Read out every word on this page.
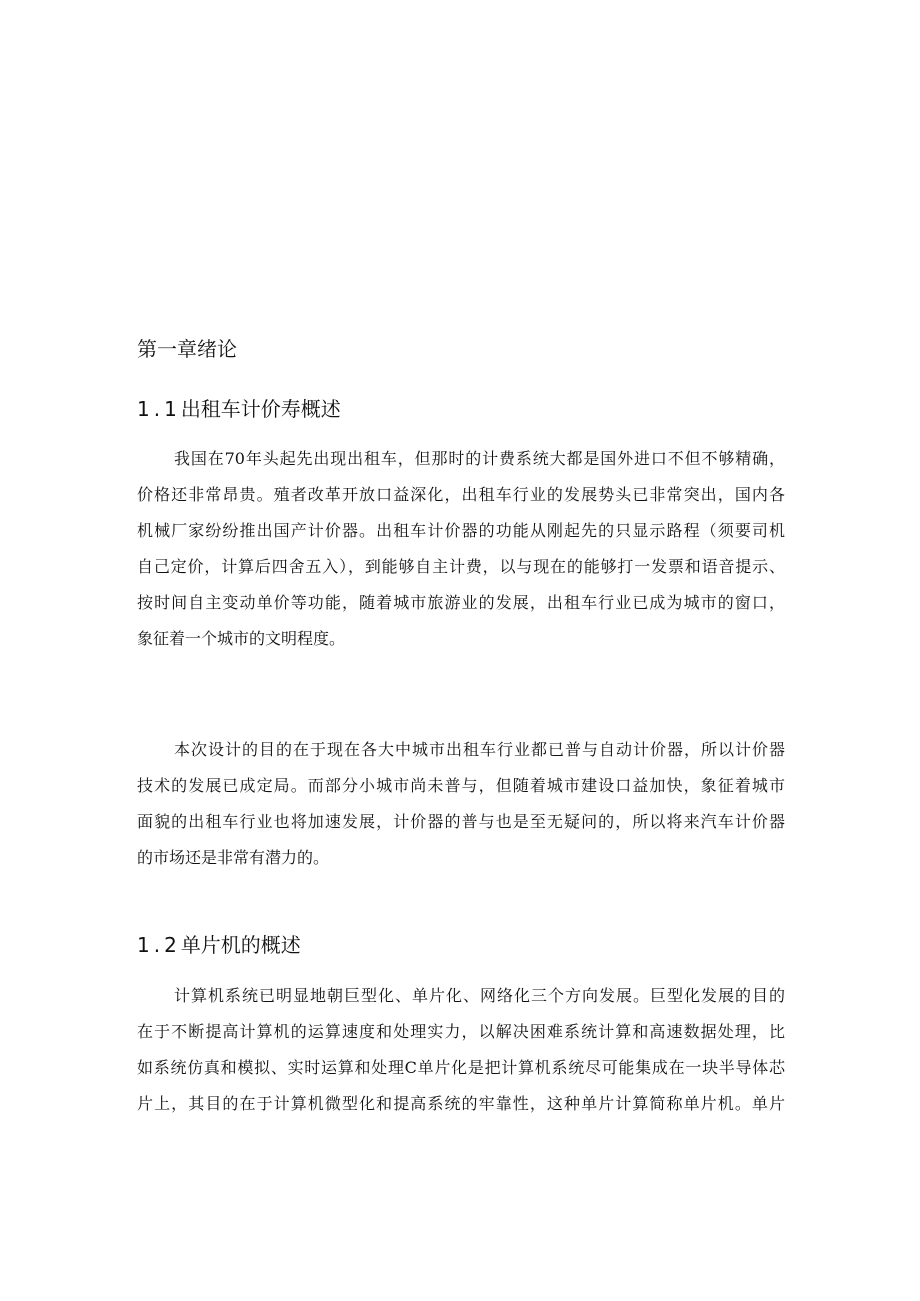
第一章绪论
1.1出租车计价寿概述
我国在70年头起先出现出租车，但那时的计费系统大都是国外进口不但不够精确，
价格还非常昂贵。殖者改革开放口益深化，出租车行业的发展势头已非常突出，国内各
机械厂家纷纷推出国产计价器。出租车计价器的功能从刚起先的只显示路程（须要司机
自己定价，计算后四舍五入），到能够自主计费，以与现在的能够打一发票和语音提示、
按时间自主变动单价等功能，随着城市旅游业的发展，出租车行业已成为城市的窗口，
象征着一个城市的文明程度。
本次设计的目的在于现在各大中城市出租车行业都已普与自动计价器，所以计价器
技术的发展已成定局。而部分小城市尚未普与，但随着城市建设口益加快，象征着城市
面貌的出租车行业也将加速发展，计价器的普与也是至无疑问的，所以将来汽车计价器
的市场还是非常有潜力的。
1.2单片机的概述
计算机系统已明显地朝巨型化、单片化、网络化三个方向发展。巨型化发展的目的
在于不断提高计算机的运算速度和处理实力，以解决困难系统计算和高速数据处理，比
如系统仿真和模拟、实时运算和处理C单片化是把计算机系统尽可能集成在一块半导体芯
片上，其目的在于计算机微型化和提高系统的牢靠性，这种单片计算简称单片机。单片
